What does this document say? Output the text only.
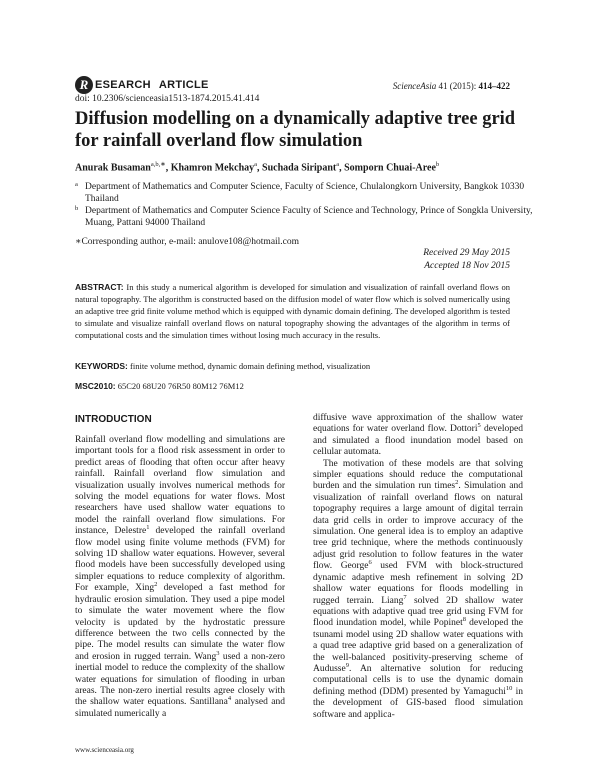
R ESEARCH ARTICLE
doi: 10.2306/scienceasia1513-1874.2015.41.414
ScienceAsia 41 (2015): 414–422
Diffusion modelling on a dynamically adaptive tree grid for rainfall overland flow simulation
Anurak Busaman$^{a,b,∗}$, Khamron Mekchay$^a$, Suchada Siripant$^a$, Somporn Chuai-Aree$^b$
a Department of Mathematics and Computer Science, Faculty of Science, Chulalongkorn University, Bangkok 10330 Thailand
b Department of Mathematics and Computer Science Faculty of Science and Technology, Prince of Songkla University, Muang, Pattani 94000 Thailand
∗Corresponding author, e-mail: anulove108@hotmail.com
Received 29 May 2015
Accepted 18 Nov 2015
ABSTRACT: In this study a numerical algorithm is developed for simulation and visualization of rainfall overland flows on natural topography. The algorithm is constructed based on the diffusion model of water flow which is solved numerically using an adaptive tree grid finite volume method which is equipped with dynamic domain defining. The developed algorithm is tested to simulate and visualize rainfall overland flows on natural topography showing the advantages of the algorithm in terms of computational costs and the simulation times without losing much accuracy in the results.
KEYWORDS: finite volume method, dynamic domain defining method, visualization
MSC2010: 65C20 68U20 76R50 80M12 76M12
INTRODUCTION

Rainfall overland flow modelling and simulations are important tools for a flood risk assessment in order to predict areas of flooding that often occur after heavy rainfall. Rainfall overland flow simulation and visualization usually involves numerical methods for solving the model equations for water flows. Most researchers have used shallow water equations to model the rainfall overland flow simulations. For instance, Delestre$^1$ developed the rainfall overland flow model using finite volume methods (FVM) for solving 1D shallow water equations. However, several flood models have been successfully developed using simpler equations to reduce complexity of algorithm. For example, Xing$^2$ developed a fast method for hydraulic erosion simulation. They used a pipe model to simulate the water movement where the flow velocity is updated by the hydrostatic pressure difference between the two cells connected by the pipe. The model results can simulate the water flow and erosion in rugged terrain. Wang$^3$ used a non-zero inertial model to reduce the complexity of the shallow water equations for simulation of flooding in urban areas. The non-zero inertial results agree closely with the shallow water equations. Santillana$^4$ analysed and simulated numerically a

diffusive wave approximation of the shallow water equations for water overland flow. Dottori$^5$ developed and simulated a flood inundation model based on cellular automata.

The motivation of these models are that solving simpler equations should reduce the computational burden and the simulation run times$^2$. Simulation and visualization of rainfall overland flows on natural topography requires a large amount of digital terrain data grid cells in order to improve accuracy of the simulation. One general idea is to employ an adaptive tree grid technique, where the methods continuously adjust grid resolution to follow features in the water flow. George$^6$ used FVM with block-structured dynamic adaptive mesh refinement in solving 2D shallow water equations for floods modelling in rugged terrain. Liang$^7$ solved 2D shallow water equations with adaptive quad tree grid using FVM for flood inundation model, while Popinet$^8$ developed the tsunami model using 2D shallow water equations with a quad tree adaptive grid based on a generalization of the well-balanced positivity-preserving scheme of Audusse$^9$. An alternative solution for reducing computational cells is to use the dynamic domain defining method (DDM) presented by Yamaguchi$^{10}$ in the development of GIS-based flood simulation software and applica-

www.scienceasia.org
